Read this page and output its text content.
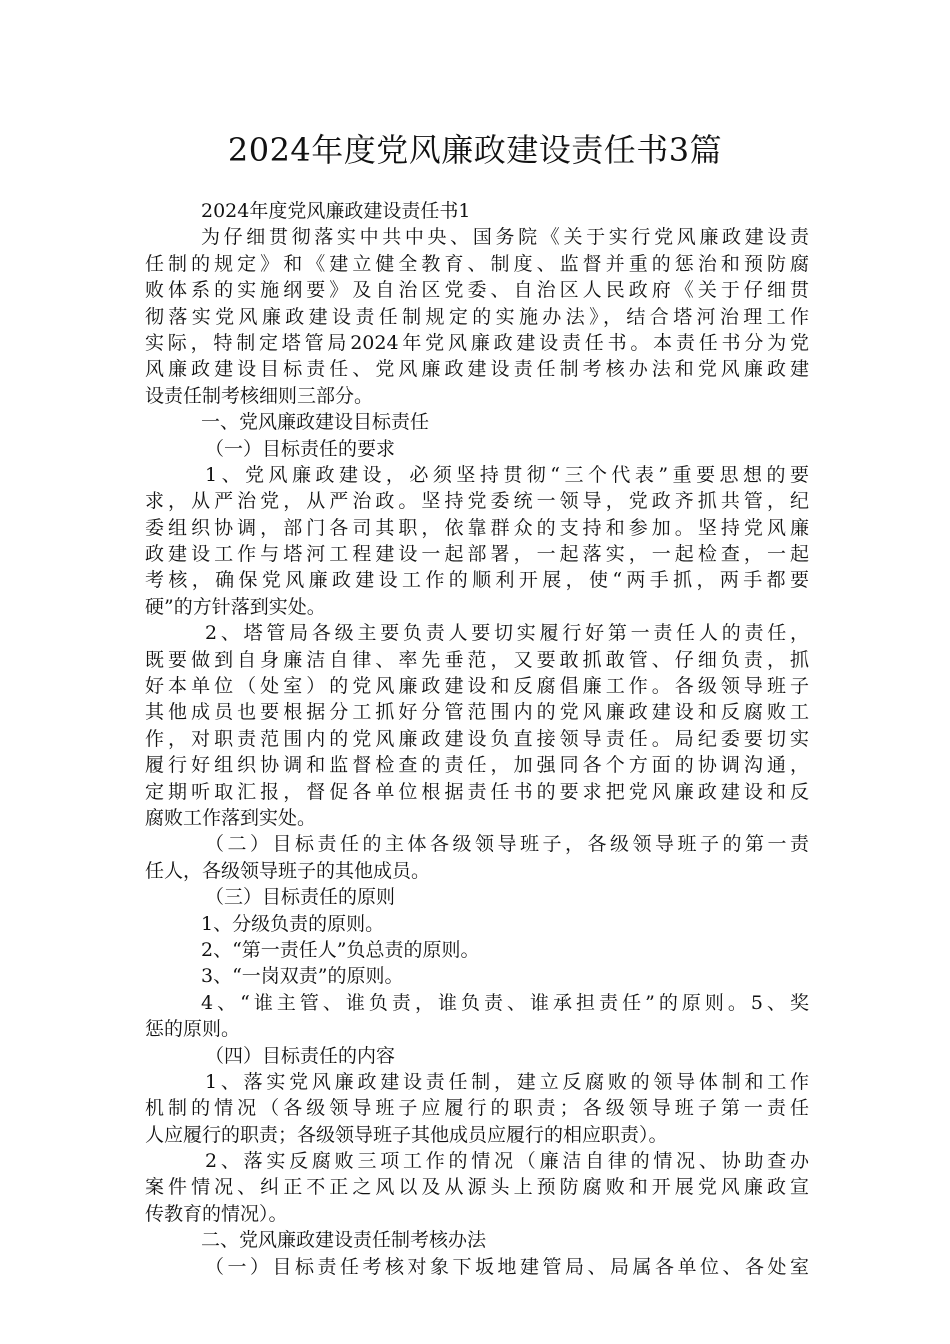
2024年度党风廉政建设责任书3篇
2024年度党风廉政建设责任书1
为仔细贯彻落实中共中央、国务院《关于实行党风廉政建设责
任制的规定》和《建立健全教育、制度、监督并重的惩治和预防腐
败体系的实施纲要》及自治区党委、自治区人民政府《关于仔细贯
彻落实党风廉政建设责任制规定的实施办法》，结合塔河治理工作
实际，特制定塔管局2024年党风廉政建设责任书。本责任书分为党
风廉政建设目标责任、党风廉政建设责任制考核办法和党风廉政建
设责任制考核细则三部分。
一、党风廉政建设目标责任
（一）目标责任的要求
1、党风廉政建设，必须坚持贯彻“三个代表”重要思想的要
求，从严治党，从严治政。坚持党委统一领导，党政齐抓共管，纪
委组织协调，部门各司其职，依靠群众的支持和参加。坚持党风廉
政建设工作与塔河工程建设一起部署，一起落实，一起检查，一起
考核，确保党风廉政建设工作的顺利开展，使“两手抓，两手都要
硬”的方针落到实处。
2、塔管局各级主要负责人要切实履行好第一责任人的责任，
既要做到自身廉洁自律、率先垂范，又要敢抓敢管、仔细负责，抓
好本单位（处室）的党风廉政建设和反腐倡廉工作。各级领导班子
其他成员也要根据分工抓好分管范围内的党风廉政建设和反腐败工
作，对职责范围内的党风廉政建设负直接领导责任。局纪委要切实
履行好组织协调和监督检查的责任，加强同各个方面的协调沟通，
定期听取汇报，督促各单位根据责任书的要求把党风廉政建设和反
腐败工作落到实处。
（二）目标责任的主体各级领导班子，各级领导班子的第一责
任人，各级领导班子的其他成员。
（三）目标责任的原则
1、分级负责的原则。
2、“第一责任人”负总责的原则。
3、“一岗双责”的原则。
4、“谁主管、谁负责，谁负责、谁承担责任”的原则。5、奖
惩的原则。
（四）目标责任的内容
1、落实党风廉政建设责任制，建立反腐败的领导体制和工作
机制的情况（各级领导班子应履行的职责；各级领导班子第一责任
人应履行的职责；各级领导班子其他成员应履行的相应职责）。
2、落实反腐败三项工作的情况（廉洁自律的情况、协助查办
案件情况、纠正不正之风以及从源头上预防腐败和开展党风廉政宣
传教育的情况）。
二、党风廉政建设责任制考核办法
（一）目标责任考核对象下坂地建管局、局属各单位、各处室
